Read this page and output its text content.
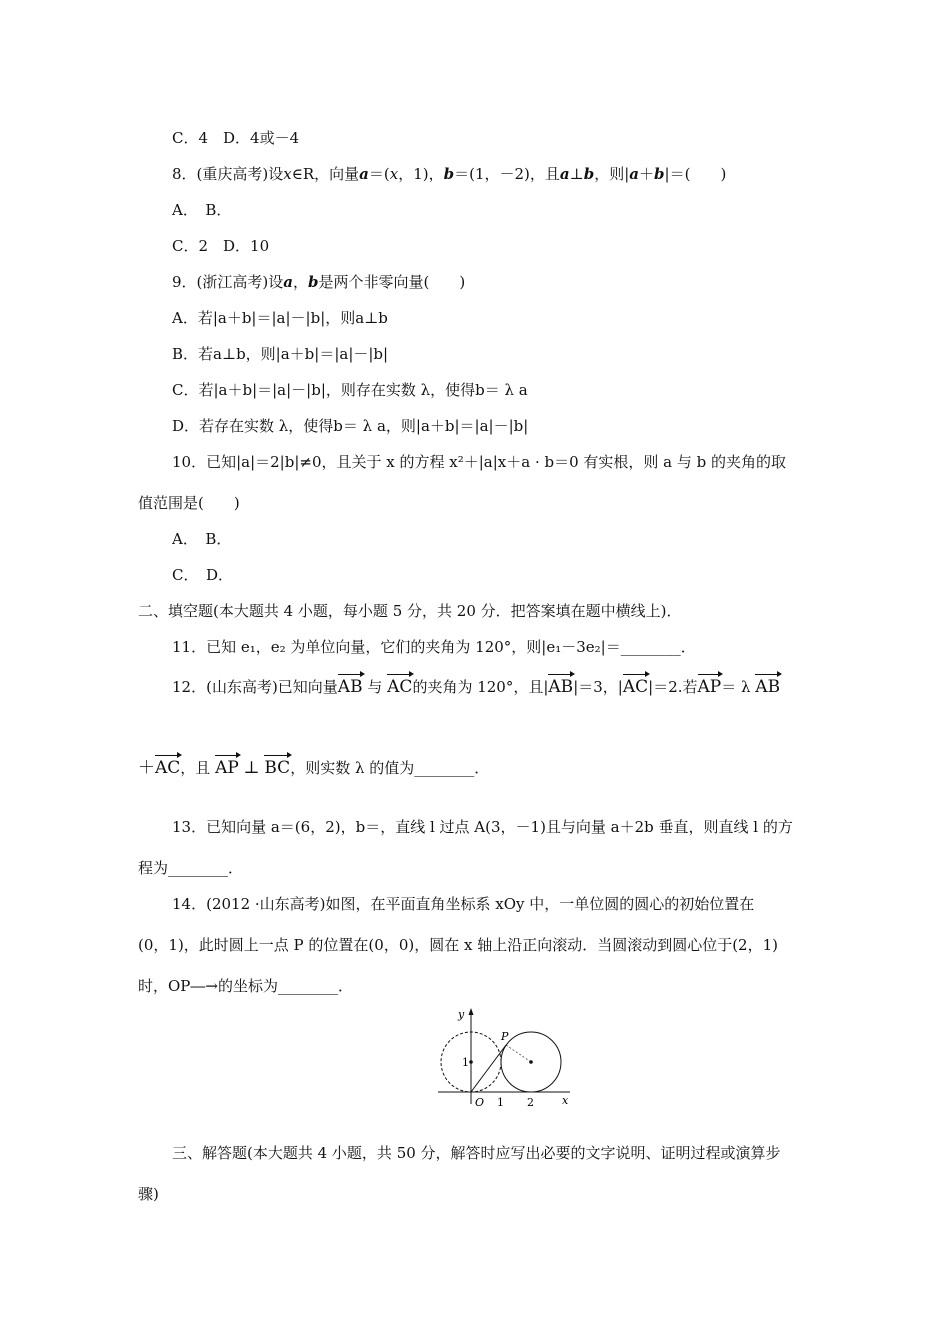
C．4　D．4或－4
8．(重庆高考)设x∈R，向量a＝(x，1)，b＝(1，－2)，且a⊥b，则|a＋b|＝(　　)
A．　B．
C．2　D．10
9．(浙江高考)设a，b是两个非零向量(　　)
A．若|a＋b|＝|a|－|b|，则a⊥b
B．若a⊥b，则|a＋b|＝|a|－|b|
C．若|a＋b|＝|a|－|b|，则存在实数 λ，使得b＝ λ a
D．若存在实数 λ，使得b＝ λ a，则|a＋b|＝|a|－|b|
10．已知|a|＝2|b|≠0，且关于 x 的方程 x²＋|a|x＋a · b＝0 有实根，则 a 与 b 的夹角的取
值范围是(　　)
A．　B．
C．　D．
二、填空题(本大题共 4 小题，每小题 5 分，共 20 分．把答案填在题中横线上)．
11．已知 e₁，e₂ 为单位向量，它们的夹角为 120°，则|e₁－3e₂|＝________．
12．(山东高考)已知向量AB 与 AC的夹角为 120°，且|AB|＝3，|AC|＝2.若AP＝ λ AB
＋AC，且 AP ⊥ BC，则实数 λ 的值为________．
13．已知向量 a＝(6，2)，b＝，直线 l 过点 A(3，－1)且与向量 a＋2b 垂直，则直线 l 的方
程为________．
14．(2012 ·山东高考)如图，在平面直角坐标系 xOy 中，一单位圆的圆心的初始位置在
(0，1)，此时圆上一点 P 的位置在(0，0)，圆在 x 轴上沿正向滚动．当圆滚动到圆心位于(2，1)
时，OP―→的坐标为________．
y
x
P
O
1
1 2
三、解答题(本大题共 4 小题，共 50 分，解答时应写出必要的文字说明、证明过程或演算步
骤)
